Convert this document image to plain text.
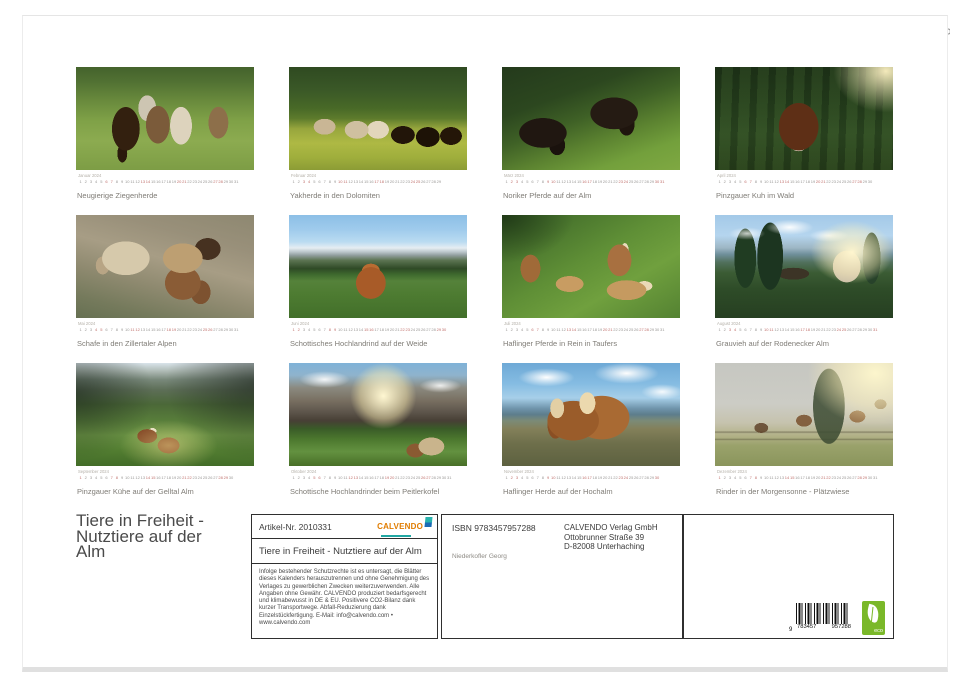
Januar 2024
1 2 3 4 5 6 7 8 9 10 11 12 13 14 15 16 17 18 19 20 21 22 23 24 25 26 27 28 29 30 31
Neugierige Ziegenherde
Februar 2024
1 2 3 4 5 6 7 8 9 10 11 12 13 14 15 16 17 18 19 20 21 22 23 24 25 26 27 28 29
Yakherde in den Dolomiten
März 2024
1 2 3 4 5 6 7 8 9 10 11 12 13 14 15 16 17 18 19 20 21 22 23 24 25 26 27 28 29 30 31
Noriker Pferde auf der Alm
April 2024
1 2 3 4 5 6 7 8 9 10 11 12 13 14 15 16 17 18 19 20 21 22 23 24 25 26 27 28 29 30
Pinzgauer Kuh im Wald
Mai 2024
1 2 3 4 5 6 7 8 9 10 11 12 13 14 15 16 17 18 19 20 21 22 23 24 25 26 27 28 29 30 31
Schafe in den Zillertaler Alpen
Juni 2024
1 2 3 4 5 6 7 8 9 10 11 12 13 14 15 16 17 18 19 20 21 22 23 24 25 26 27 28 29 30
Schottisches Hochlandrind auf der Weide
Juli 2024
1 2 3 4 5 6 7 8 9 10 11 12 13 14 15 16 17 18 19 20 21 22 23 24 25 26 27 28 29 30 31
Haflinger Pferde in Rein in Taufers
August 2024
1 2 3 4 5 6 7 8 9 10 11 12 13 14 15 16 17 18 19 20 21 22 23 24 25 26 27 28 29 30 31
Grauvieh auf der Rodenecker Alm
September 2024
1 2 3 4 5 6 7 8 9 10 11 12 13 14 15 16 17 18 19 20 21 22 23 24 25 26 27 28 29 30
Pinzgauer Kühe auf der Gelltal Alm
Oktober 2024
1 2 3 4 5 6 7 8 9 10 11 12 13 14 15 16 17 18 19 20 21 22 23 24 25 26 27 28 29 30 31
Schottische Hochlandrinder beim Peitlerkofel
November 2024
1 2 3 4 5 6 7 8 9 10 11 12 13 14 15 16 17 18 19 20 21 22 23 24 25 26 27 28 29 30
Haflinger Herde auf der Hochalm
Dezember 2024
1 2 3 4 5 6 7 8 9 10 11 12 13 14 15 16 17 18 19 20 21 22 23 24 25 26 27 28 29 30 31
Rinder in der Morgensonne - Plätzwiese
Tiere in Freiheit -
Nutztiere auf der
Alm
Artikel-Nr. 2010331	CALVENDO
Tiere in Freiheit - Nutztiere auf der Alm
Infolge bestehender Schutzrechte ist es untersagt, die Blätter dieses Kalenders herauszutrennen und ohne Genehmigung des Verlages zu gewerblichen Zwecken weiterzuverwenden. Alle Angaben ohne Gewähr. CALVENDO produziert bedarfsgerecht und klimabewusst in DE & EU. Positivere CO2-Bilanz dank kurzer Transportwege. Abfall-Reduzierung dank Einzelstückfertigung. E-Mail: info@calvendo.com • www.calvendo.com
ISBN 9783457957288	CALVENDO Verlag GmbH
Ottobrunner Straße 39
D-82008 Unterhaching
Niederkofler Georg
9 783457	957288
eco
